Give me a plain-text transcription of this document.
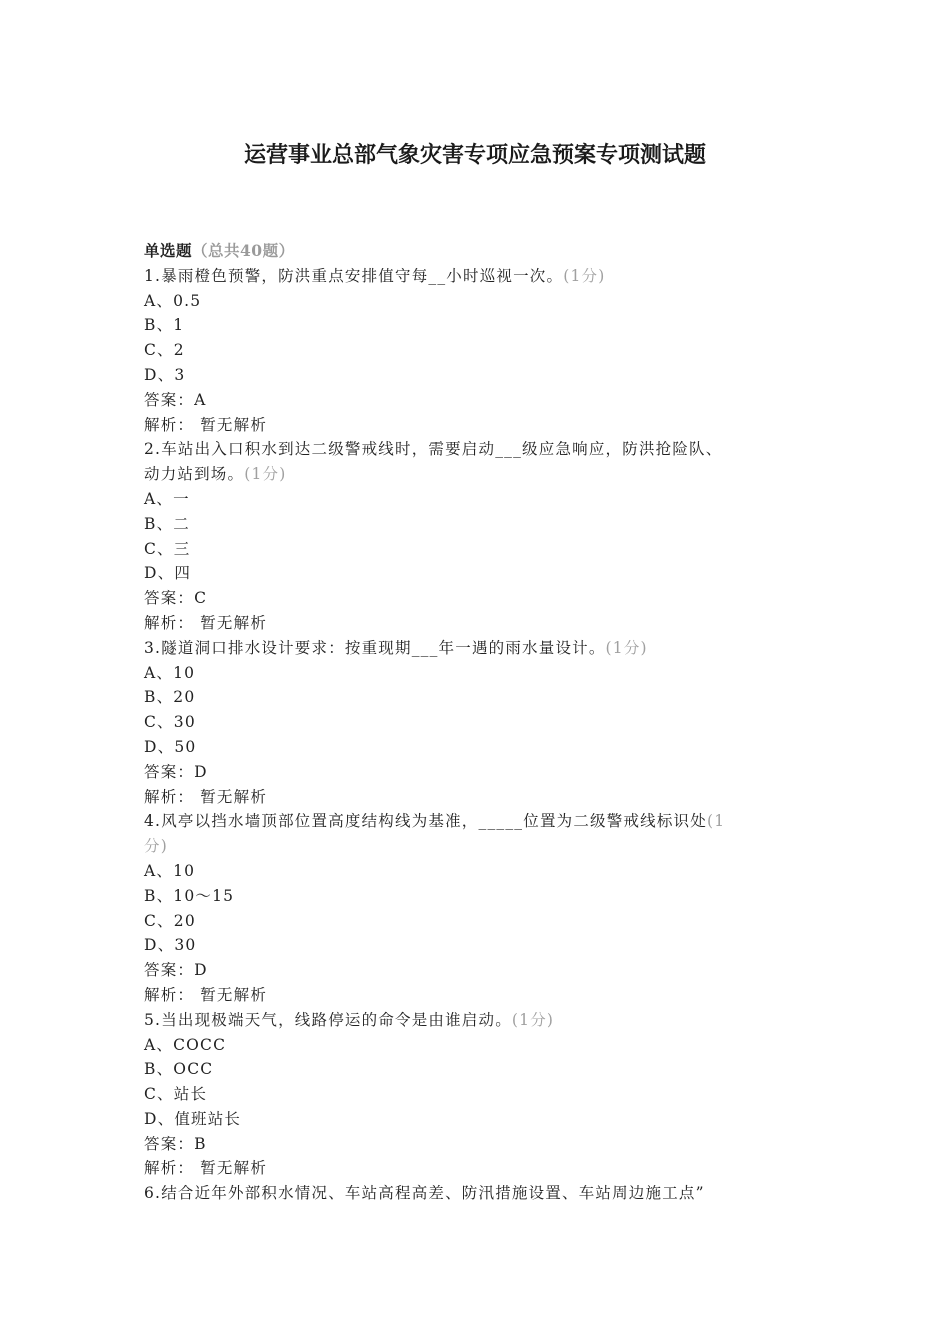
运营事业总部气象灾害专项应急预案专项测试题
单选题（总共40题）
1.暴雨橙色预警，防洪重点安排值守每__小时巡视一次。(1分)
A、0.5
B、1
C、2
D、3
答案：A
解析： 暂无解析
2.车站出入口积水到达二级警戒线时，需要启动___级应急响应，防洪抢险队、
动力站到场。(1分)
A、一
B、二
C、三
D、四
答案：C
解析： 暂无解析
3.隧道洞口排水设计要求：按重现期___年一遇的雨水量设计。(1分)
A、10
B、20
C、30
D、50
答案：D
解析： 暂无解析
4.风亭以挡水墙顶部位置高度结构线为基准，_____位置为二级警戒线标识处(1
分)
A、10
B、10～15
C、20
D、30
答案：D
解析： 暂无解析
5.当出现极端天气，线路停运的命令是由谁启动。(1分)
A、COCC
B、OCC
C、站长
D、值班站长
答案：B
解析： 暂无解析
6.结合近年外部积水情况、车站高程高差、防汛措施设置、车站周边施工点”
